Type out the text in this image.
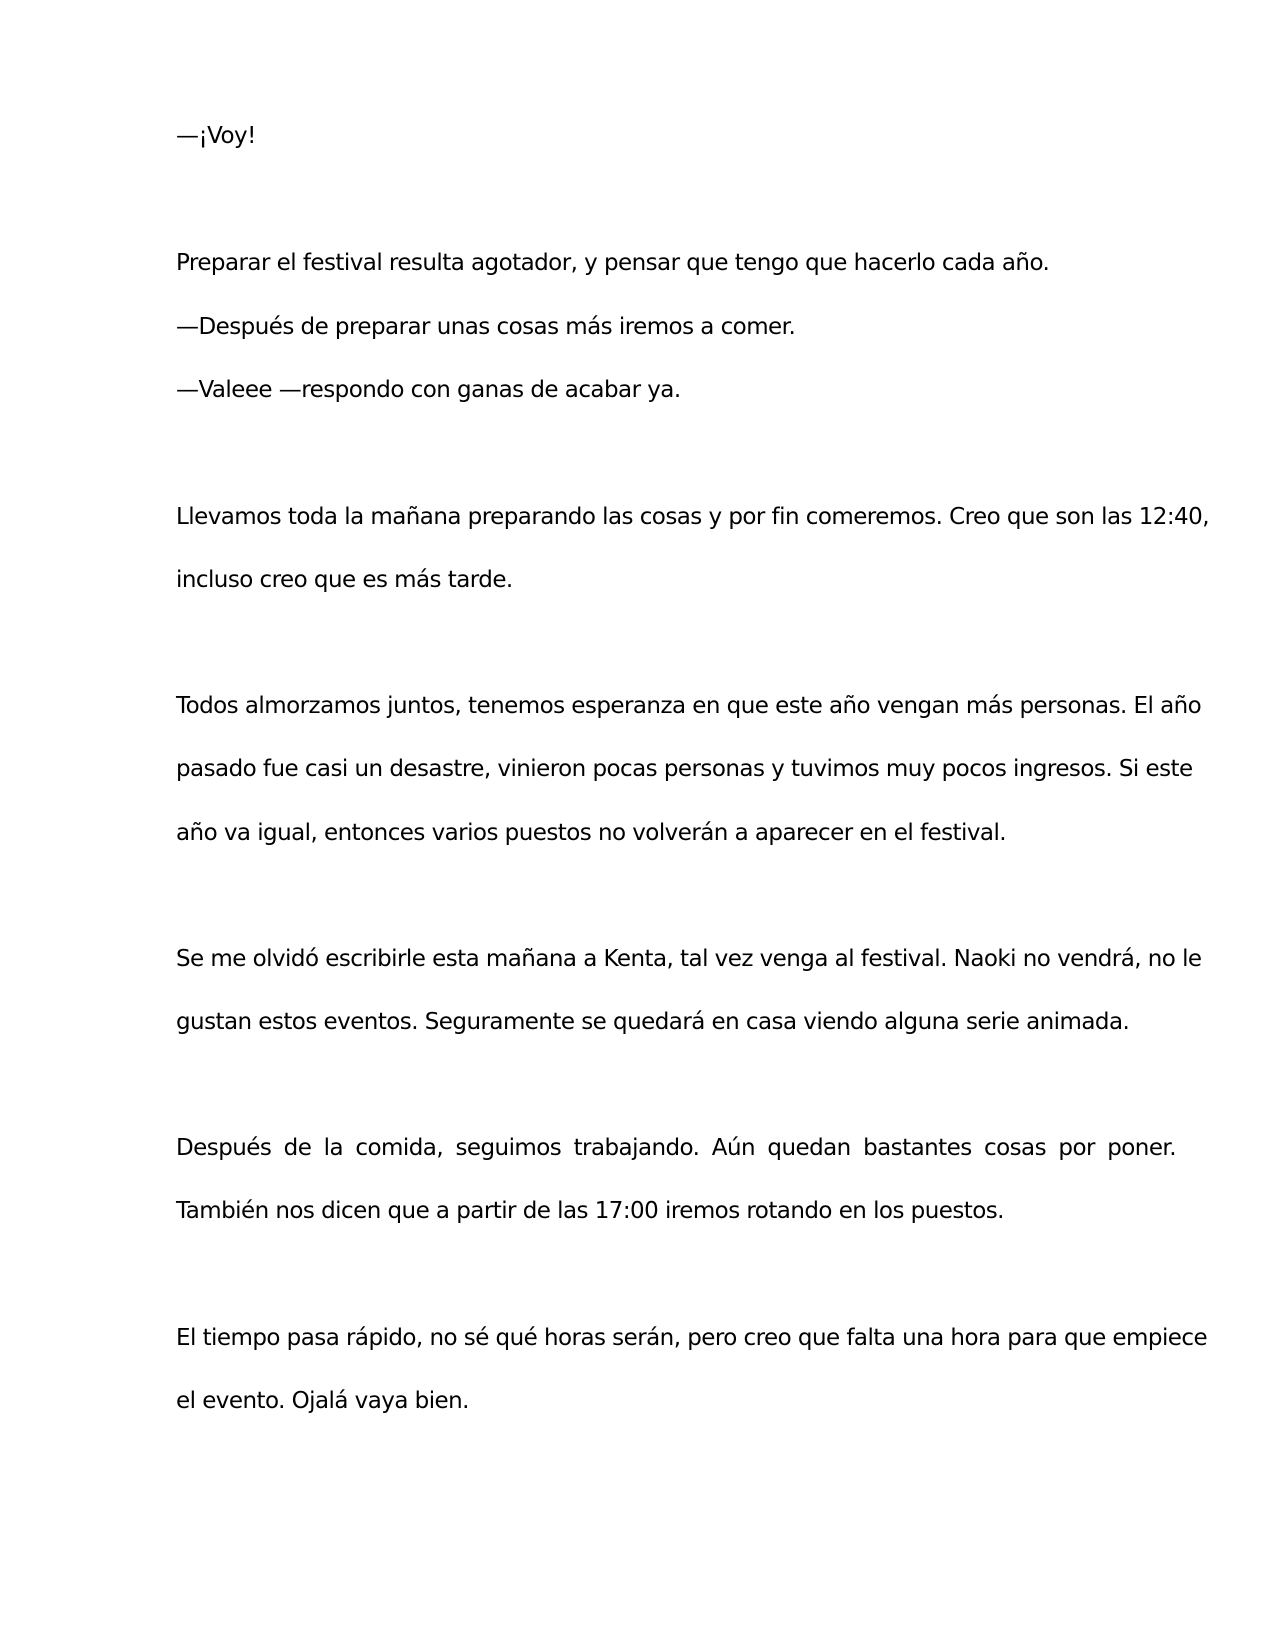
—¡Voy!

Preparar el festival resulta agotador, y pensar que tengo que hacerlo cada año.

—Después de preparar unas cosas más iremos a comer.

—Valeee —respondo con ganas de acabar ya.

Llevamos toda la mañana preparando las cosas y por fin comeremos. Creo que son las 12:40,

incluso creo que es más tarde.

Todos almorzamos juntos, tenemos esperanza en que este año vengan más personas. El año

pasado fue casi un desastre, vinieron pocas personas y tuvimos muy pocos ingresos. Si este

año va igual, entonces varios puestos no volverán a aparecer en el festival.

Se me olvidó escribirle esta mañana a Kenta, tal vez venga al festival. Naoki no vendrá, no le

gustan estos eventos. Seguramente se quedará en casa viendo alguna serie animada.

Después de la comida, seguimos trabajando. Aún quedan bastantes cosas por poner.

También nos dicen que a partir de las 17:00 iremos rotando en los puestos.

El tiempo pasa rápido, no sé qué horas serán, pero creo que falta una hora para que empiece

el evento. Ojalá vaya bien.
